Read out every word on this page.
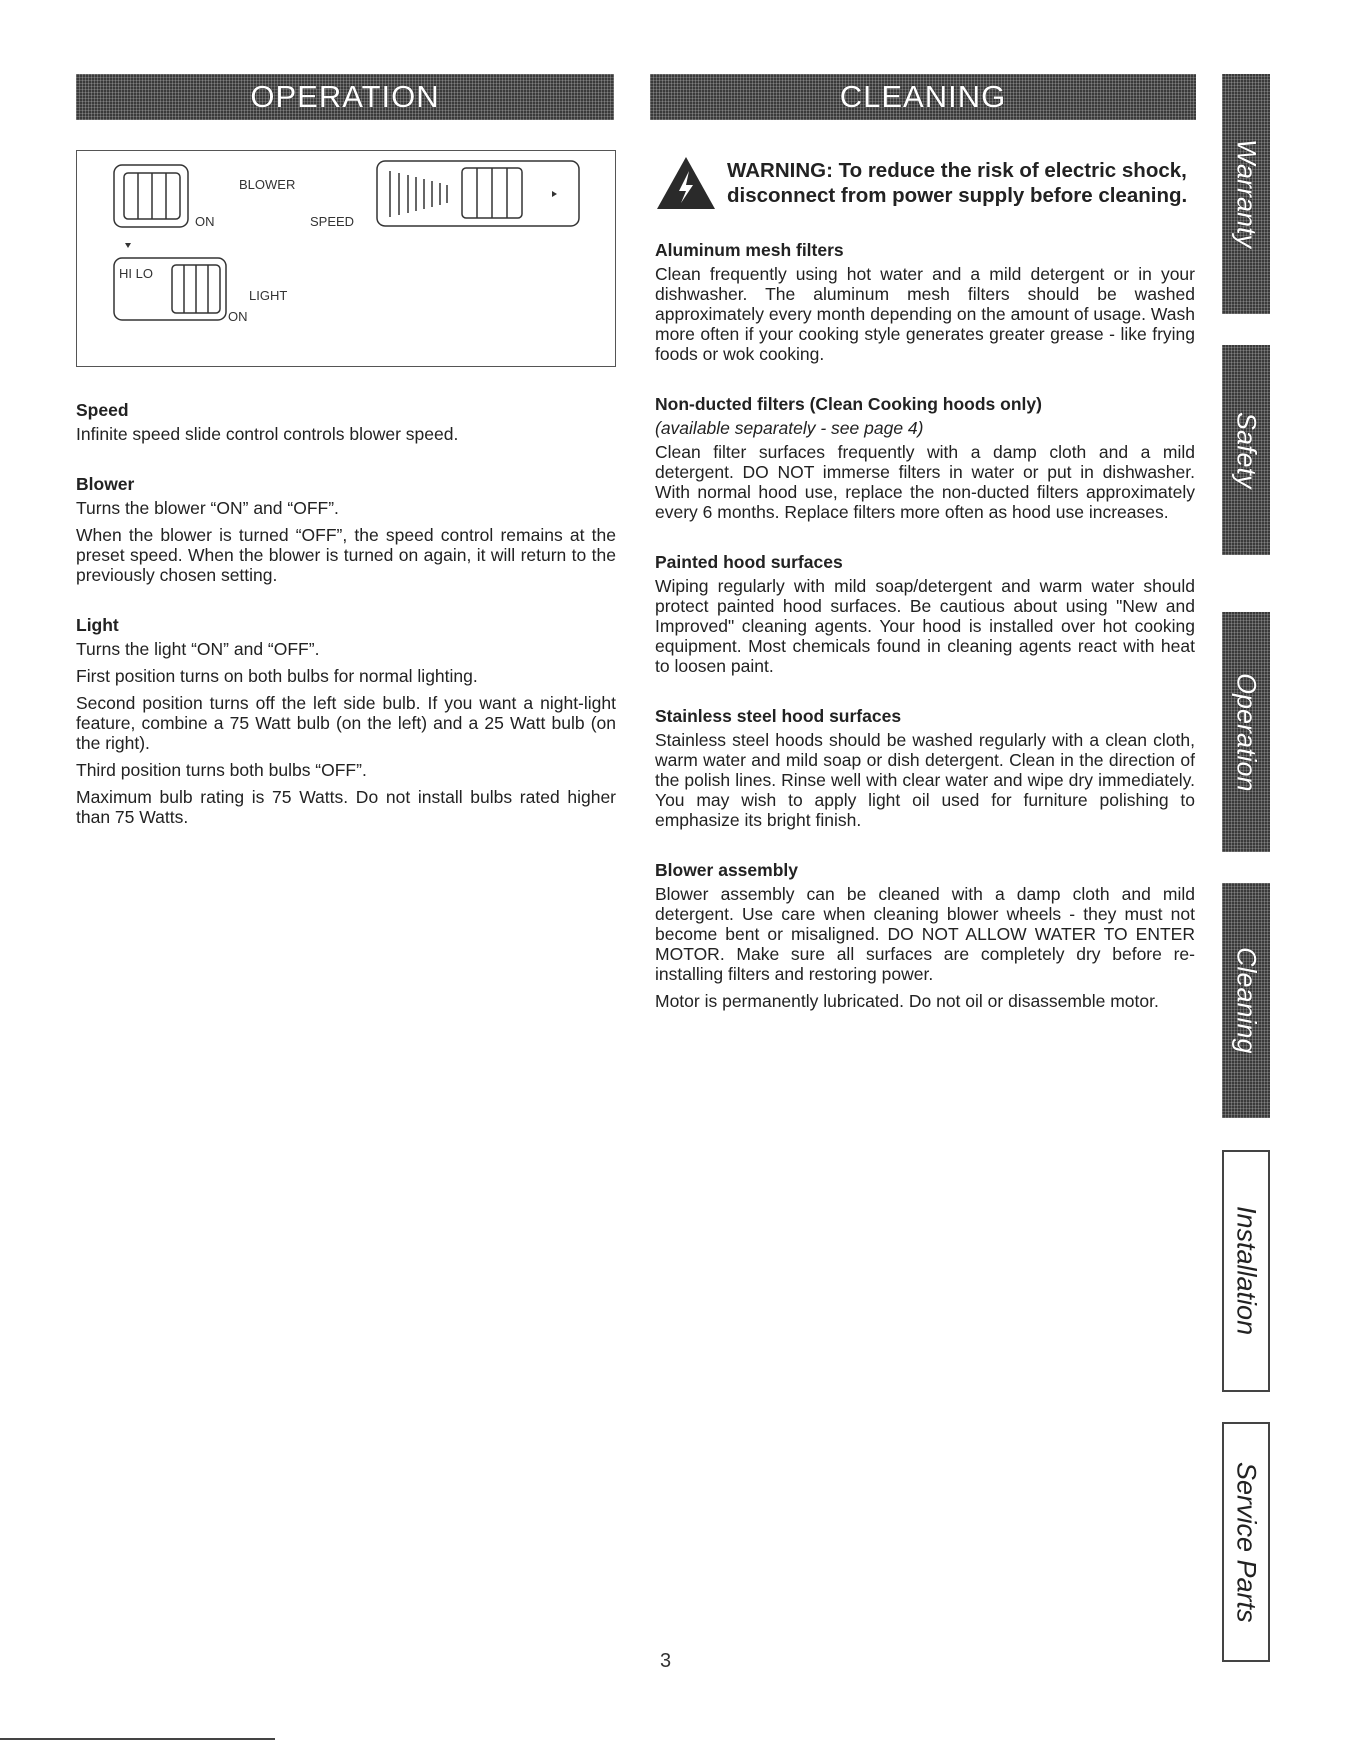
OPERATION	CLEANING
ON
BLOWER
SPEED
HI LO
LIGHT
ON
Speed

Infinite speed slide control controls blower speed.

Blower

Turns the blower “ON” and “OFF”.

When the blower is turned “OFF”, the speed control remains at the preset speed. When the blower is turned on again, it will return to the previously chosen setting.

Light

Turns the light “ON” and “OFF”.

First position turns on both bulbs for normal lighting.

Second position turns off the left side bulb. If you want a night-light feature, combine a 75 Watt bulb (on the left) and a 25 Watt bulb (on the right).

Third position turns both bulbs “OFF”.

Maximum bulb rating is 75 Watts. Do not install bulbs rated higher than 75 Watts.

WARNING: To reduce the risk of electric shock,
disconnect from power supply before cleaning.
Aluminum mesh filters

Clean frequently using hot water and a mild detergent or in your dishwasher. The aluminum mesh filters should be washed approximately every month depending on the amount of usage. Wash more often if your cooking style generates greater grease - like frying foods or wok cooking.

Non-ducted filters (Clean Cooking hoods only)

(available separately - see page 4)

Clean filter surfaces frequently with a damp cloth and a mild detergent. DO NOT immerse filters in water or put in dishwasher. With normal hood use, replace the non-ducted filters approximately every 6 months. Replace filters more often as hood use increases.

Painted hood surfaces

Wiping regularly with mild soap/detergent and warm water should protect painted hood surfaces. Be cautious about using "New and Improved" cleaning agents. Your hood is installed over hot cooking equipment. Most chemicals found in cleaning agents react with heat to loosen paint.

Stainless steel hood surfaces

Stainless steel hoods should be washed regularly with a clean cloth, warm water and mild soap or dish detergent. Clean in the direction of the polish lines. Rinse well with clear water and wipe dry immediately. You may wish to apply light oil used for furniture polishing to emphasize its bright finish.

Blower assembly

Blower assembly can be cleaned with a damp cloth and mild detergent. Use care when cleaning blower wheels - they must not become bent or misaligned. DO NOT ALLOW WATER TO ENTER MOTOR. Make sure all surfaces are completely dry before re-installing filters and restoring power.

Motor is permanently lubricated. Do not oil or disassemble motor.

Warranty
Safety
Operation
Cleaning
Installation
Service Parts
3
